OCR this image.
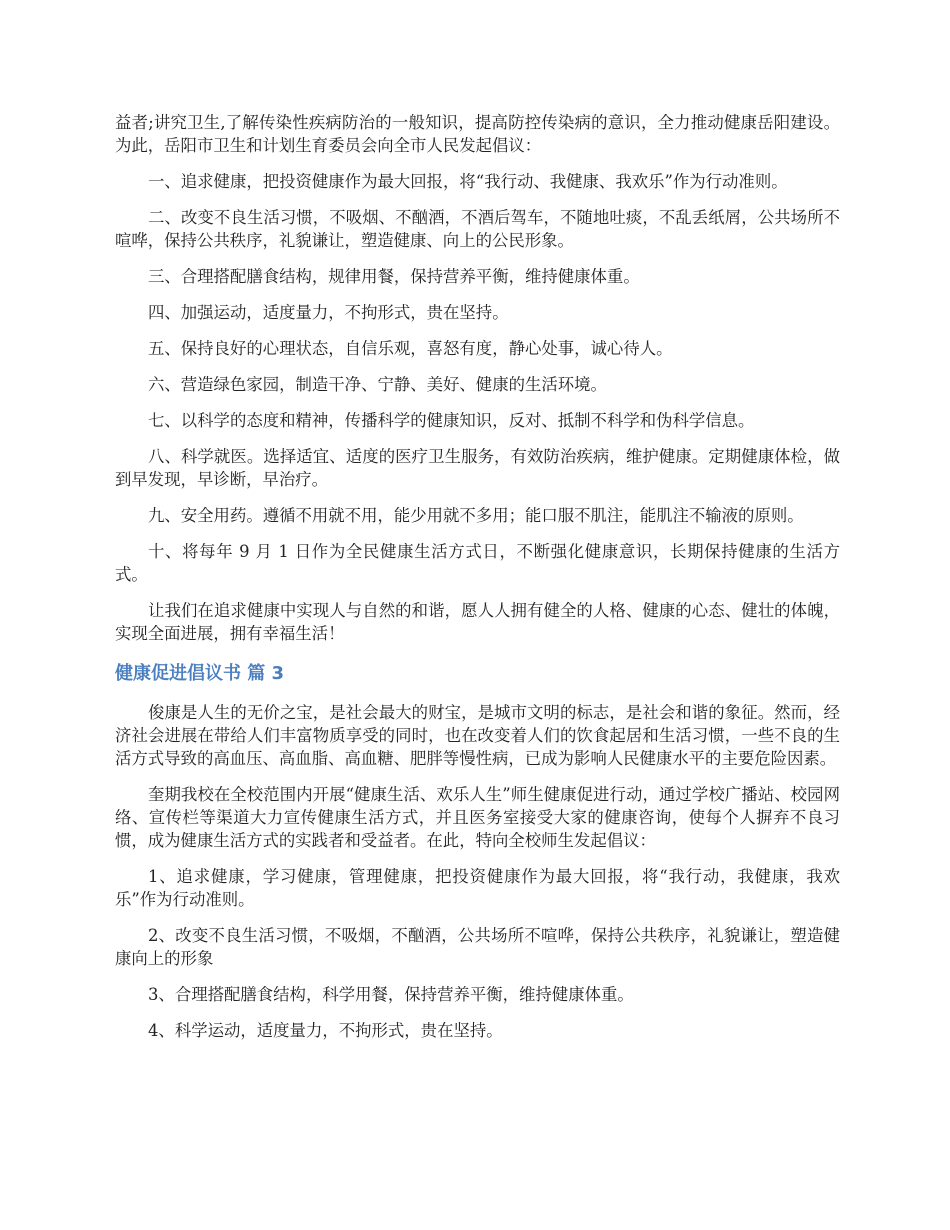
益者;讲究卫生,了解传染性疾病防治的一般知识，提高防控传染病的意识，全力推动健康岳阳建设。为此，岳阳市卫生和计划生育委员会向全市人民发起倡议：

一、追求健康，把投资健康作为最大回报，将“我行动、我健康、我欢乐”作为行动准则。

二、改变不良生活习惯，不吸烟、不酗酒，不酒后驾车，不随地吐痰，不乱丢纸屑，公共场所不喧哗，保持公共秩序，礼貌谦让，塑造健康、向上的公民形象。

三、合理搭配膳食结构，规律用餐，保持营养平衡，维持健康体重。

四、加强运动，适度量力，不拘形式，贵在坚持。

五、保持良好的心理状态，自信乐观，喜怒有度，静心处事，诚心待人。

六、营造绿色家园，制造干净、宁静、美好、健康的生活环境。

七、以科学的态度和精神，传播科学的健康知识，反对、抵制不科学和伪科学信息。

八、科学就医。选择适宜、适度的医疗卫生服务，有效防治疾病，维护健康。定期健康体检，做到早发现，早诊断，早治疗。

九、安全用药。遵循不用就不用，能少用就不多用；能口服不肌注，能肌注不输液的原则。

十、将每年 9 月 1 日作为全民健康生活方式日，不断强化健康意识，长期保持健康的生活方式。

让我们在追求健康中实现人与自然的和谐，愿人人拥有健全的人格、健康的心态、健壮的体魄，实现全面进展，拥有幸福生活！

健康促进倡议书 篇 3

俊康是人生的无价之宝，是社会最大的财宝，是城市文明的标志，是社会和谐的象征。然而，经济社会进展在带给人们丰富物质享受的同时，也在改变着人们的饮食起居和生活习惯，一些不良的生活方式导致的高血压、高血脂、高血糖、肥胖等慢性病，已成为影响人民健康水平的主要危险因素。

奎期我校在全校范围内开展“健康生活、欢乐人生”师生健康促进行动，通过学校广播站、校园网络、宣传栏等渠道大力宣传健康生活方式，并且医务室接受大家的健康咨询，使每个人摒弃不良习惯，成为健康生活方式的实践者和受益者。在此，特向全校师生发起倡议：

1、追求健康，学习健康，管理健康，把投资健康作为最大回报，将“我行动，我健康，我欢乐”作为行动准则。

2、改变不良生活习惯，不吸烟，不酗酒，公共场所不喧哗，保持公共秩序，礼貌谦让，塑造健康向上的形象

3、合理搭配膳食结构，科学用餐，保持营养平衡，维持健康体重。

4、科学运动，适度量力，不拘形式，贵在坚持。
